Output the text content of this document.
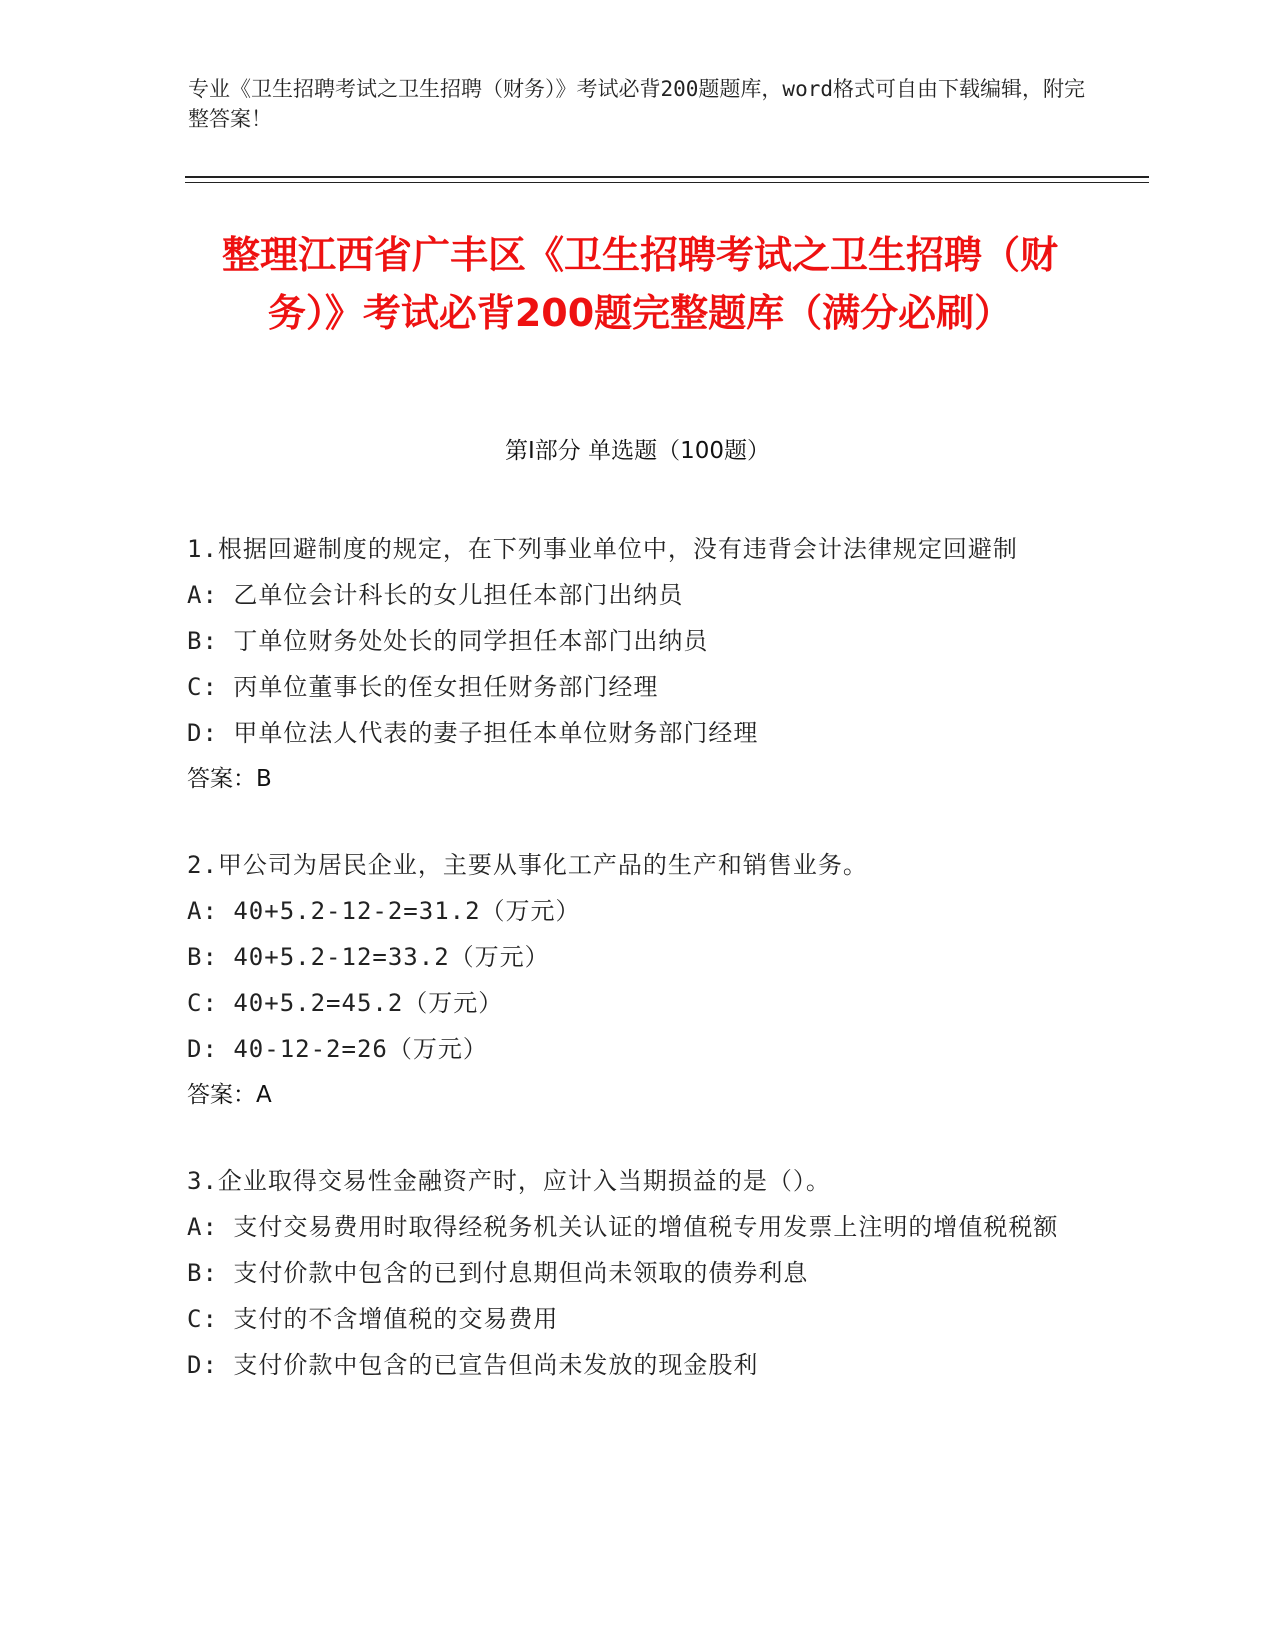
专业《卫生招聘考试之卫生招聘（财务）》考试必背200题题库，word格式可自由下载编辑，附完整答案！
整理江西省广丰区《卫生招聘考试之卫生招聘（财务）》考试必背200题完整题库（满分必刷）
第Ⅰ部分 单选题（100题）
1.根据回避制度的规定，在下列事业单位中，没有违背会计法律规定回避制
A: 乙单位会计科长的女儿担任本部门出纳员
B: 丁单位财务处处长的同学担任本部门出纳员
C: 丙单位董事长的侄女担任财务部门经理
D: 甲单位法人代表的妻子担任本单位财务部门经理
答案：B
2.甲公司为居民企业，主要从事化工产品的生产和销售业务。
A: 40+5.2-12-2=31.2（万元）
B: 40+5.2-12=33.2（万元）
C: 40+5.2=45.2（万元）
D: 40-12-2=26（万元）
答案：A
3.企业取得交易性金融资产时，应计入当期损益的是（）。
A: 支付交易费用时取得经税务机关认证的增值税专用发票上注明的增值税税额
B: 支付价款中包含的已到付息期但尚未领取的债券利息
C: 支付的不含增值税的交易费用
D: 支付价款中包含的已宣告但尚未发放的现金股利
